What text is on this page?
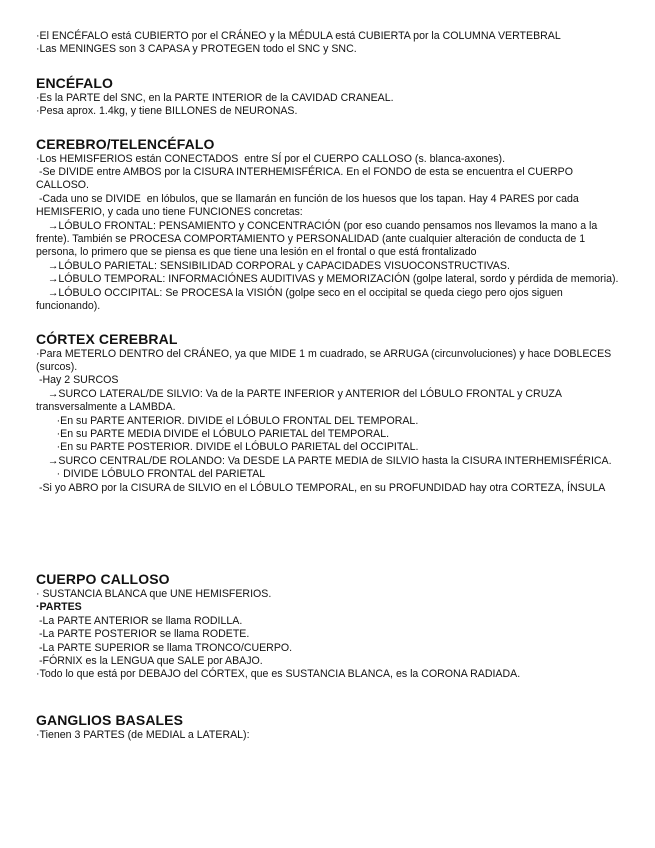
·El ENCÉFALO está CUBIERTO por el CRÁNEO y la MÉDULA está CUBIERTA por la COLUMNA VERTEBRAL

·Las MENINGES son 3 CAPASA y PROTEGEN todo el SNC y SNC.

ENCÉFALO

·Es la PARTE del SNC, en la PARTE INTERIOR de la CAVIDAD CRANEAL.

·Pesa aprox. 1.4kg, y tiene BILLONES de NEURONAS.

CEREBRO/TELENCÉFALO

·Los HEMISFERIOS están CONECTADOS  entre SÍ por el CUERPO CALLOSO (s. blanca-axones).

-Se DIVIDE entre AMBOS por la CISURA INTERHEMISFÉRICA. En el FONDO de esta se encuentra el CUERPO CALLOSO.

-Cada uno se DIVIDE  en lóbulos, que se llamarán en función de los huesos que los tapan. Hay 4 PARES por cada HEMISFERIO, y cada uno tiene FUNCIONES concretas:

→LÓBULO FRONTAL: PENSAMIENTO y CONCENTRACIÓN (por eso cuando pensamos nos llevamos la mano a la frente). También se PROCESA COMPORTAMIENTO y PERSONALIDAD (ante cualquier alteración de conducta de 1 persona, lo primero que se piensa es que tiene una lesión en el frontal o que está frontalizado

→LÓBULO PARIETAL: SENSIBILIDAD CORPORAL y CAPACIDADES VISUOCONSTRUCTIVAS.

→LÓBULO TEMPORAL: INFORMACIÓNES AUDITIVAS y MEMORIZACIÓN (golpe lateral, sordo y pérdida de memoria).

→LÓBULO OCCIPITAL: Se PROCESA la VISIÓN (golpe seco en el occipital se queda ciego pero ojos siguen funcionando).

CÓRTEX CEREBRAL

·Para METERLO DENTRO del CRÁNEO, ya que MIDE 1 m cuadrado, se ARRUGA (circunvoluciones) y hace DOBLECES (surcos).

-Hay 2 SURCOS

→SURCO LATERAL/DE SILVIO: Va de la PARTE INFERIOR y ANTERIOR del LÓBULO FRONTAL y CRUZA transversalmente a LAMBDA.

·En su PARTE ANTERIOR. DIVIDE el LÓBULO FRONTAL DEL TEMPORAL.

·En su PARTE MEDIA DIVIDE el LÓBULO PARIETAL del TEMPORAL.

·En su PARTE POSTERIOR. DIVIDE el LÓBULO PARIETAL del OCCIPITAL.

→SURCO CENTRAL/DE ROLANDO: Va DESDE LA PARTE MEDIA de SILVIO hasta la CISURA INTERHEMISFÉRICA.

· DIVIDE LÓBULO FRONTAL del PARIETAL

-Si yo ABRO por la CISURA de SILVIO en el LÓBULO TEMPORAL, en su PROFUNDIDAD hay otra CORTEZA, ÍNSULA

CUERPO CALLOSO

· SUSTANCIA BLANCA que UNE HEMISFERIOS.

·PARTES

-La PARTE ANTERIOR se llama RODILLA.

-La PARTE POSTERIOR se llama RODETE.

-La PARTE SUPERIOR se llama TRONCO/CUERPO.

-FÓRNIX es la LENGUA que SALE por ABAJO.

·Todo lo que está por DEBAJO del CÓRTEX, que es SUSTANCIA BLANCA, es la CORONA RADIADA.

GANGLIOS BASALES

·Tienen 3 PARTES (de MEDIAL a LATERAL):
